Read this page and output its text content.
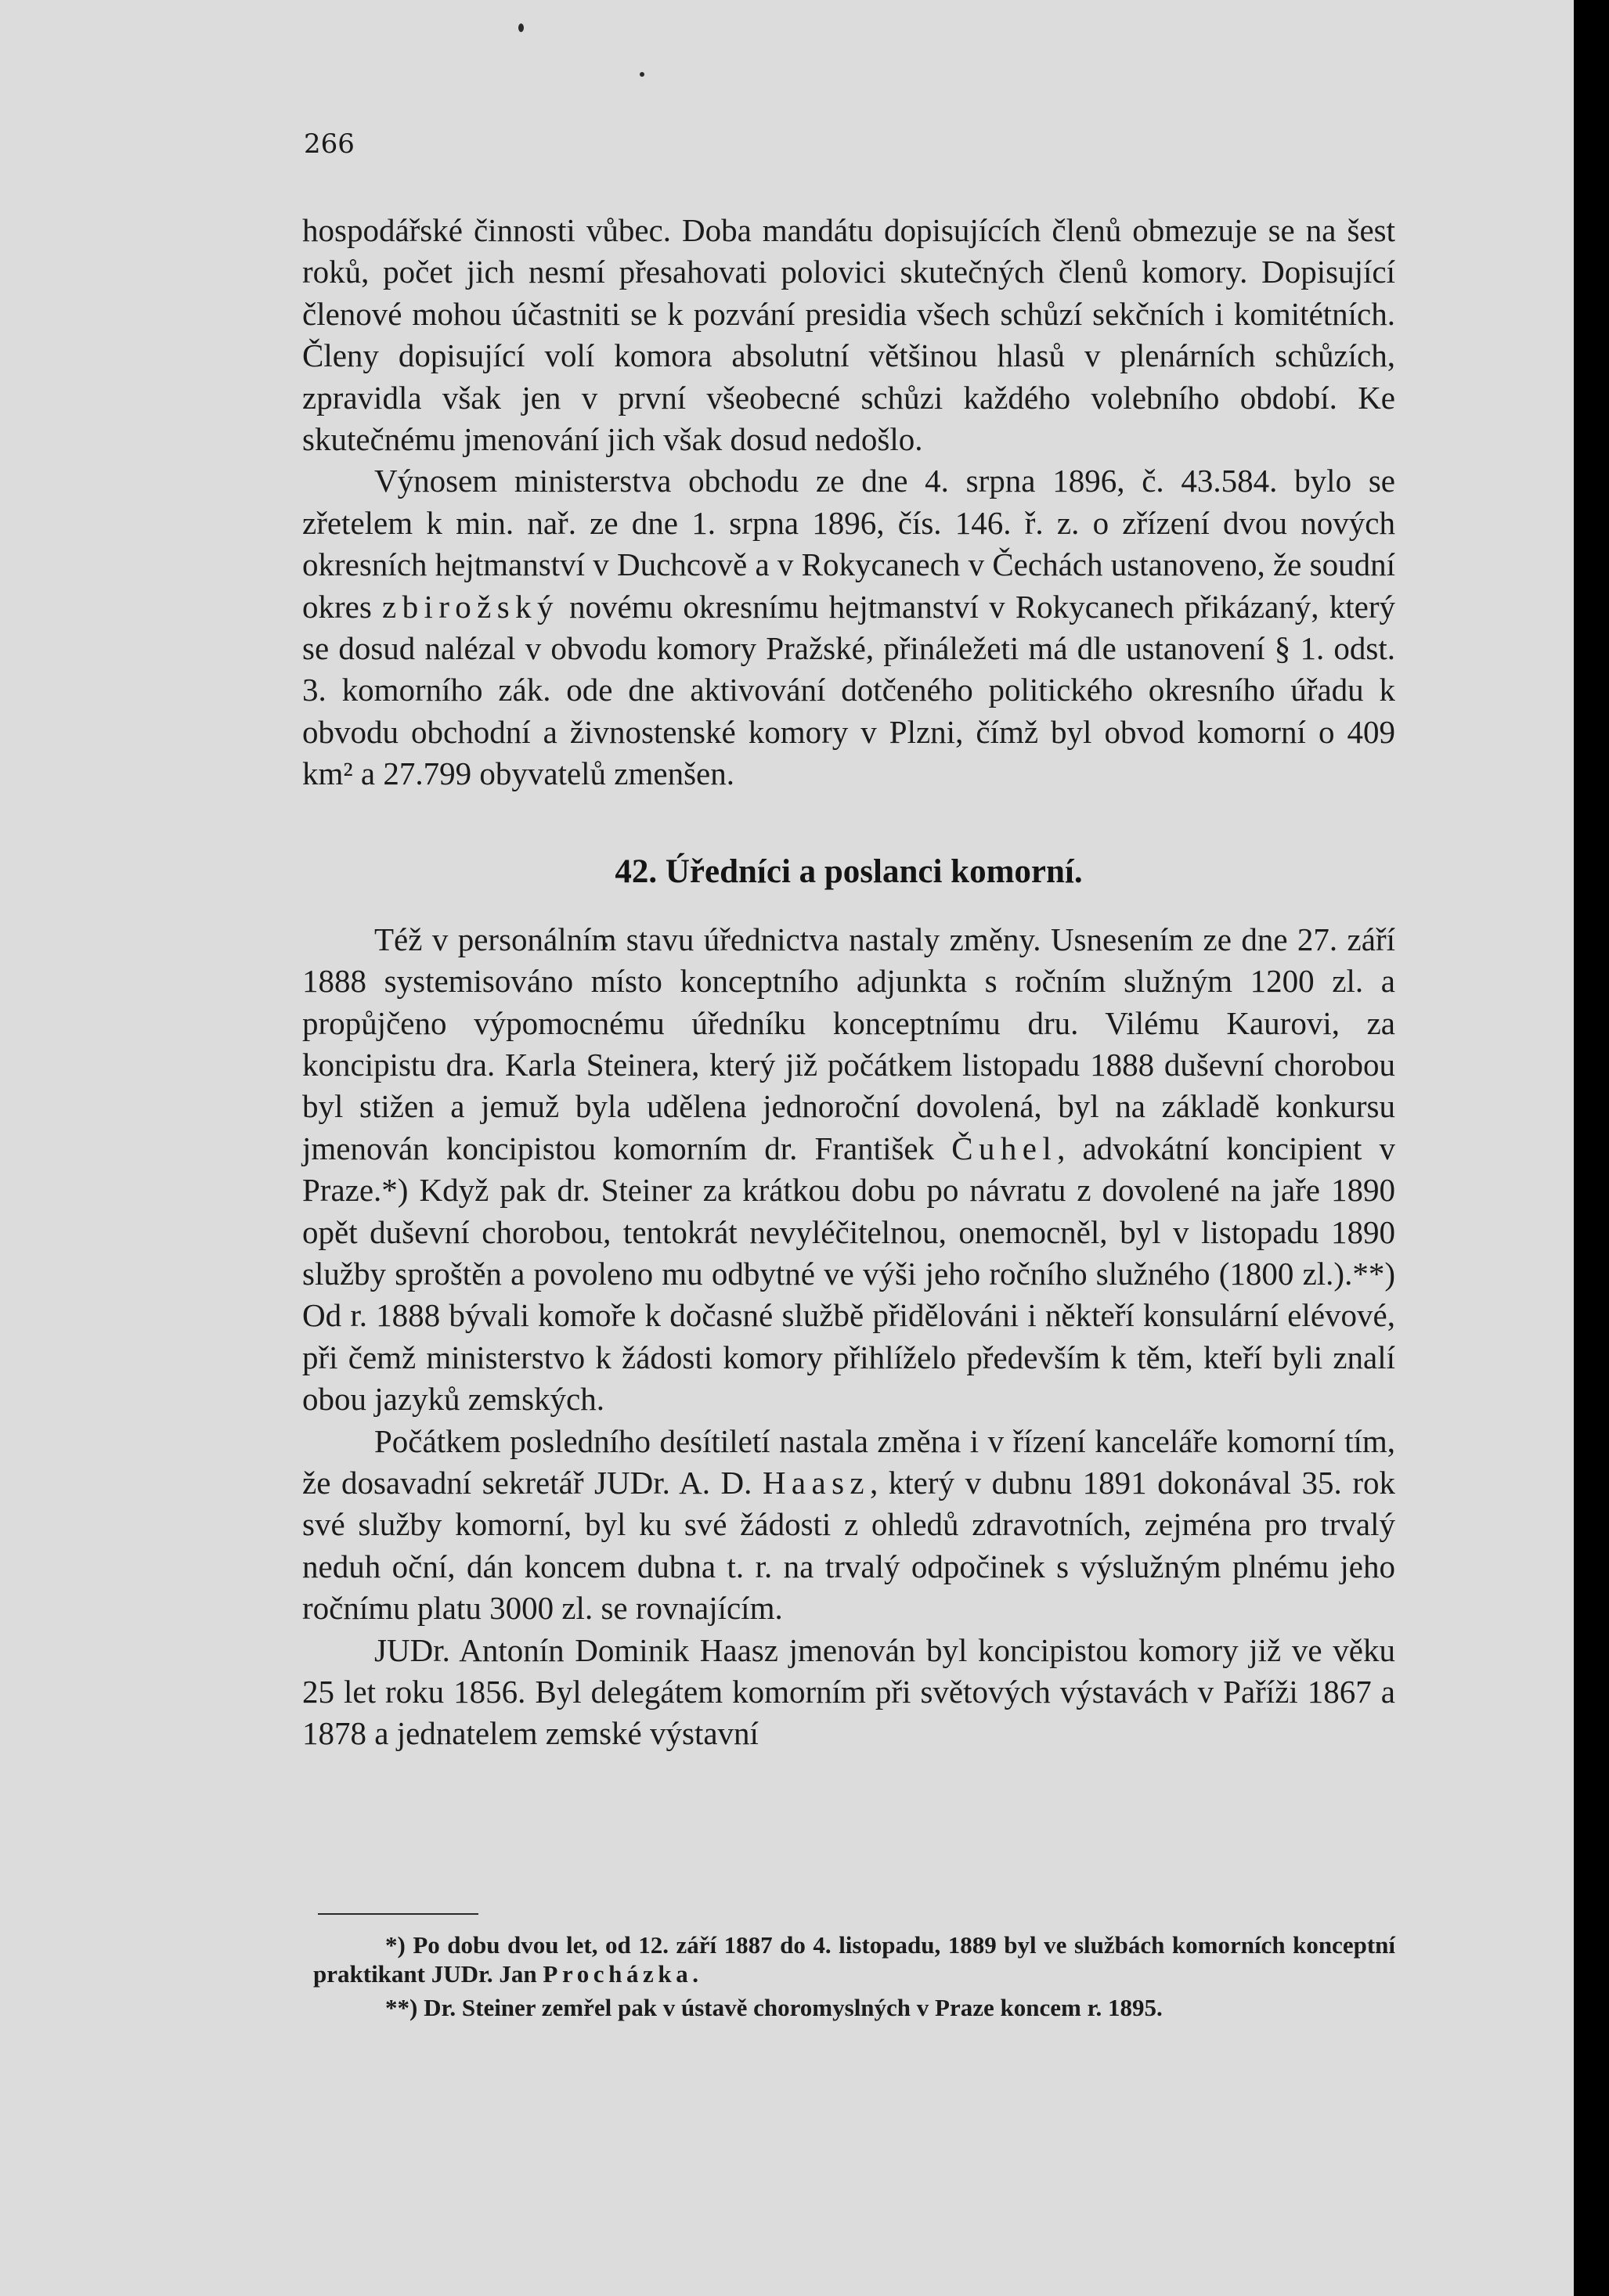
266

hospodářské činnosti vůbec. Doba mandátu dopisujících členů obmezuje se na šest roků, počet jich nesmí přesahovati polovici skutečných členů komory. Dopisující členové mohou účastniti se k pozvání presidia všech schůzí sekčních i komitétních. Členy dopisující volí komora absolutní většinou hlasů v plenárních schůzích, zpravidla však jen v první všeobecné schůzi každého volebního období. Ke skutečnému jmenování jich však dosud nedošlo.

Výnosem ministerstva obchodu ze dne 4. srpna 1896, č. 43.584. bylo se zřetelem k min. nař. ze dne 1. srpna 1896, čís. 146. ř. z. o zřízení dvou nových okresních hejtmanství v Duchcově a v Rokycanech v Čechách ustanoveno, že soudní okres zbirožský novému okresnímu hejtmanství v Rokycanech přikázaný, který se dosud nalézal v obvodu komory Pražské, přináležeti má dle ustanovení § 1. odst. 3. komorního zák. ode dne aktivování dotčeného politického okresního úřadu k obvodu obchodní a živnostenské komory v Plzni, čímž byl obvod komorní o 409 km² a 27.799 obyvatelů zmenšen.

42. Úředníci a poslanci komorní.

Též v personálním stavu úřednictva nastaly změny. Usnesením ze dne 27. září 1888 systemisováno místo konceptního adjunkta s ročním služným 1200 zl. a propůjčeno výpomocnému úředníku konceptnímu dru. Vilému Kaurovi, za koncipistu dra. Karla Steinera, který již počátkem listopadu 1888 duševní chorobou byl stižen a jemuž byla udělena jednoroční dovolená, byl na základě konkursu jmenován koncipistou komorním dr. František Čuhel, advokátní koncipient v Praze.*) Když pak dr. Steiner za krátkou dobu po návratu z dovolené na jaře 1890 opět duševní chorobou, tentokrát nevyléčitelnou, onemocněl, byl v listopadu 1890 služby sproštěn a povoleno mu odbytné ve výši jeho ročního služného (1800 zl.).**) Od r. 1888 bývali komoře k dočasné službě přidělováni i někteří konsulární elévové, při čemž ministerstvo k žádosti komory přihlíželo především k těm, kteří byli znalí obou jazyků zemských.

Počátkem posledního desítiletí nastala změna i v řízení kanceláře komorní tím, že dosavadní sekretář JUDr. A. D. Haasz, který v dubnu 1891 dokonával 35. rok své služby komorní, byl ku své žádosti z ohledů zdravotních, zejména pro trvalý neduh oční, dán koncem dubna t. r. na trvalý odpočinek s výslužným plnému jeho ročnímu platu 3000 zl. se rovnajícím.

JUDr. Antonín Dominik Haasz jmenován byl koncipistou komory již ve věku 25 let roku 1856. Byl delegátem komorním při světových výstavách v Paříži 1867 a 1878 a jednatelem zemské výstavní

*) Po dobu dvou let, od 12. září 1887 do 4. listopadu, 1889 byl ve službách komorních konceptní praktikant JUDr. Jan Procházka.

**) Dr. Steiner zemřel pak v ústavě choromyslných v Praze koncem r. 1895.
